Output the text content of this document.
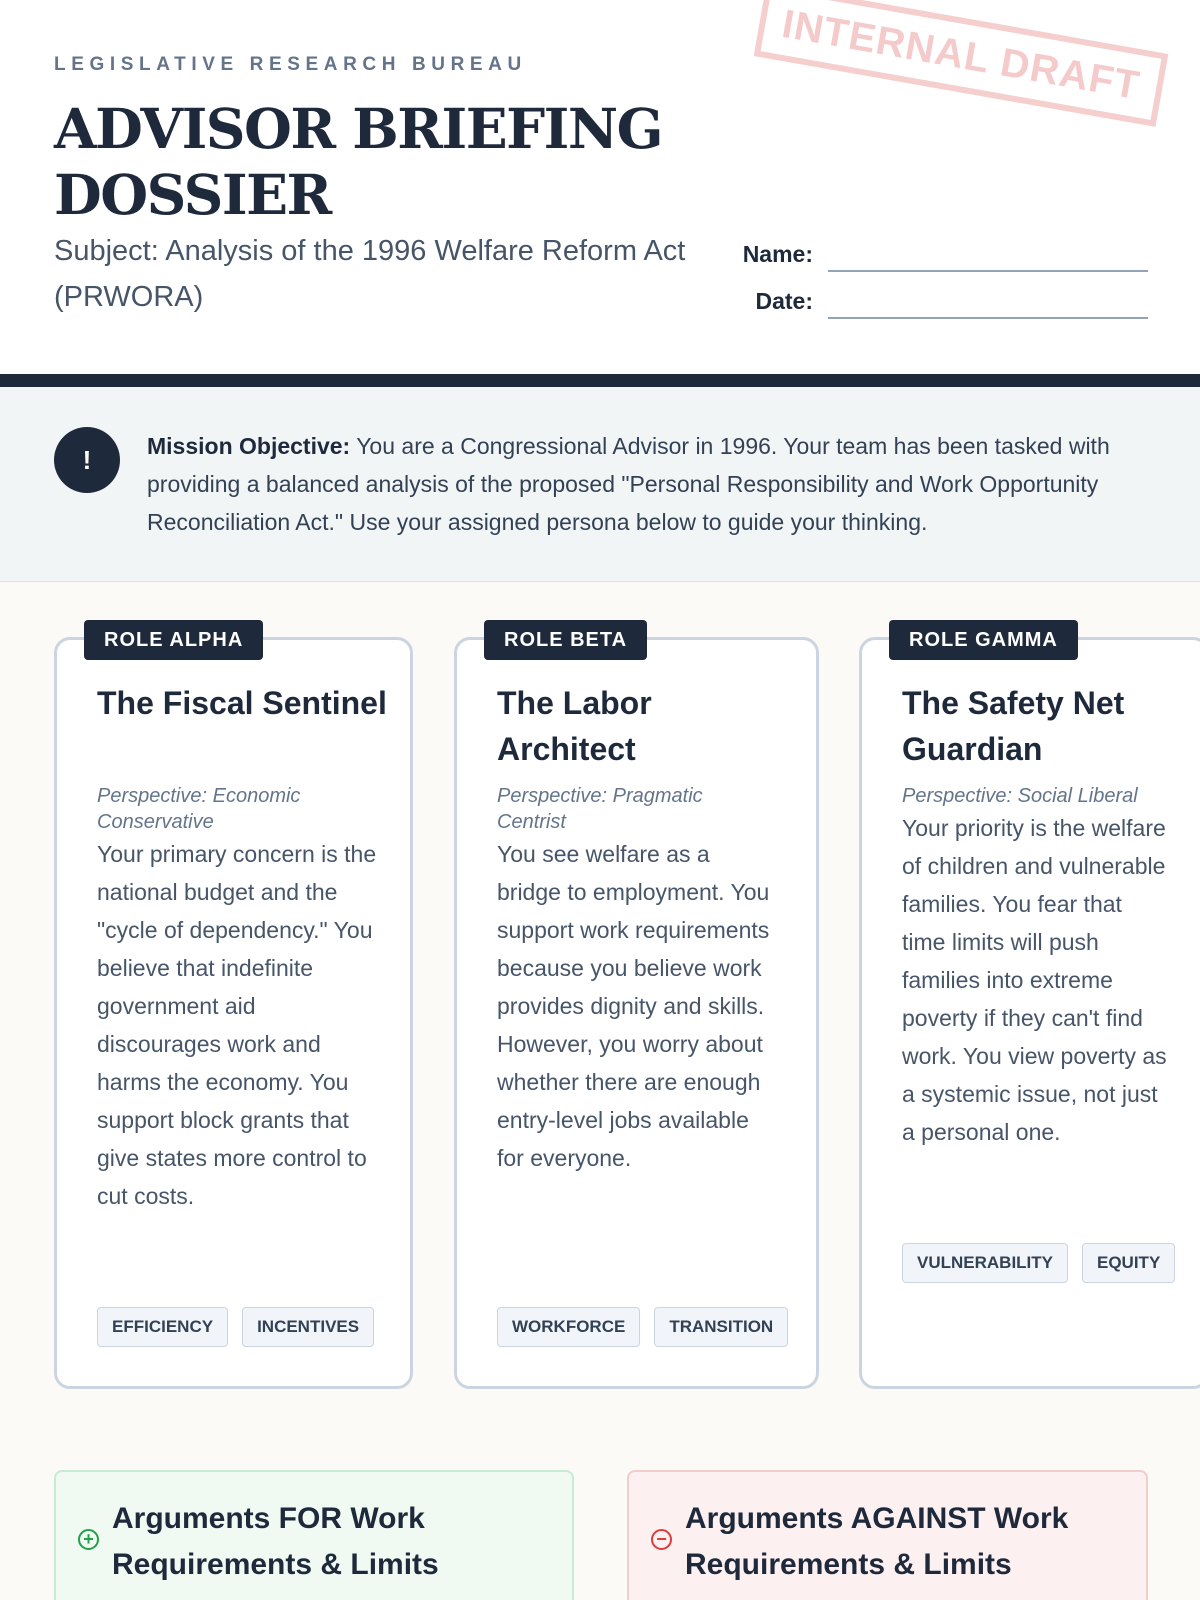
LEGISLATIVE RESEARCH BUREAU
ADVISOR BRIEFING
DOSSIER
Subject: Analysis of the 1996 Welfare Reform Act (PRWORA)
Name:
Date:
INTERNAL DRAFT
!	Mission Objective: You are a Congressional Advisor in 1996. Your team has been tasked with providing a balanced analysis of the proposed "Personal Responsibility and Work Opportunity Reconciliation Act." Use your assigned persona below to guide your thinking.
ROLE ALPHA
The Fiscal Sentinel
Perspective: Economic Conservative
Your primary concern is the national budget and the "cycle of dependency." You believe that indefinite government aid discourages work and harms the economy. You support block grants that give states more control to cut costs.
EFFICIENCY	INCENTIVES
ROLE BETA
The Labor Architect
Perspective: Pragmatic Centrist
You see welfare as a bridge to employment. You support work requirements because you believe work provides dignity and skills. However, you worry about whether there are enough entry-level jobs available for everyone.
WORKFORCE	TRANSITION
ROLE GAMMA
The Safety Net Guardian
Perspective: Social Liberal
Your priority is the welfare of children and vulnerable families. You fear that time limits will push families into extreme poverty if they can't find work. You view poverty as a systemic issue, not just a personal one.
VULNERABILITY	EQUITY
+
Arguments FOR Work Requirements & Limits
−
Arguments AGAINST Work Requirements & Limits
